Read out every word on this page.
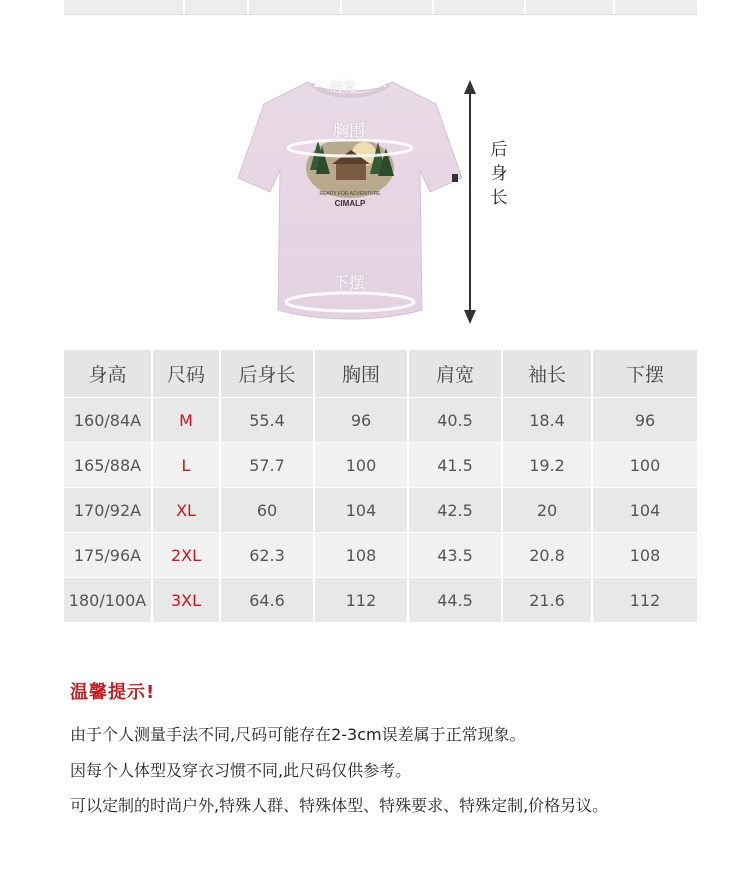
READY FOR ADVENTURE
CIMALP
肩宽
胸围
下摆
后
身
长
身高	尺码	后身长	胸围	肩宽	袖长	下摆
160/84A	M	55.4	96	40.5	18.4	96
165/88A	L	57.7	100	41.5	19.2	100
170/92A	XL	60	104	42.5	20	104
175/96A	2XL	62.3	108	43.5	20.8	108
180/100A	3XL	64.6	112	44.5	21.6	112
温馨提示!
由于个人测量手法不同,尺码可能存在2-3cm误差属于正常现象。
因每个人体型及穿衣习惯不同,此尺码仅供参考。
可以定制的时尚户外,特殊人群、特殊体型、特殊要求、特殊定制,价格另议。
